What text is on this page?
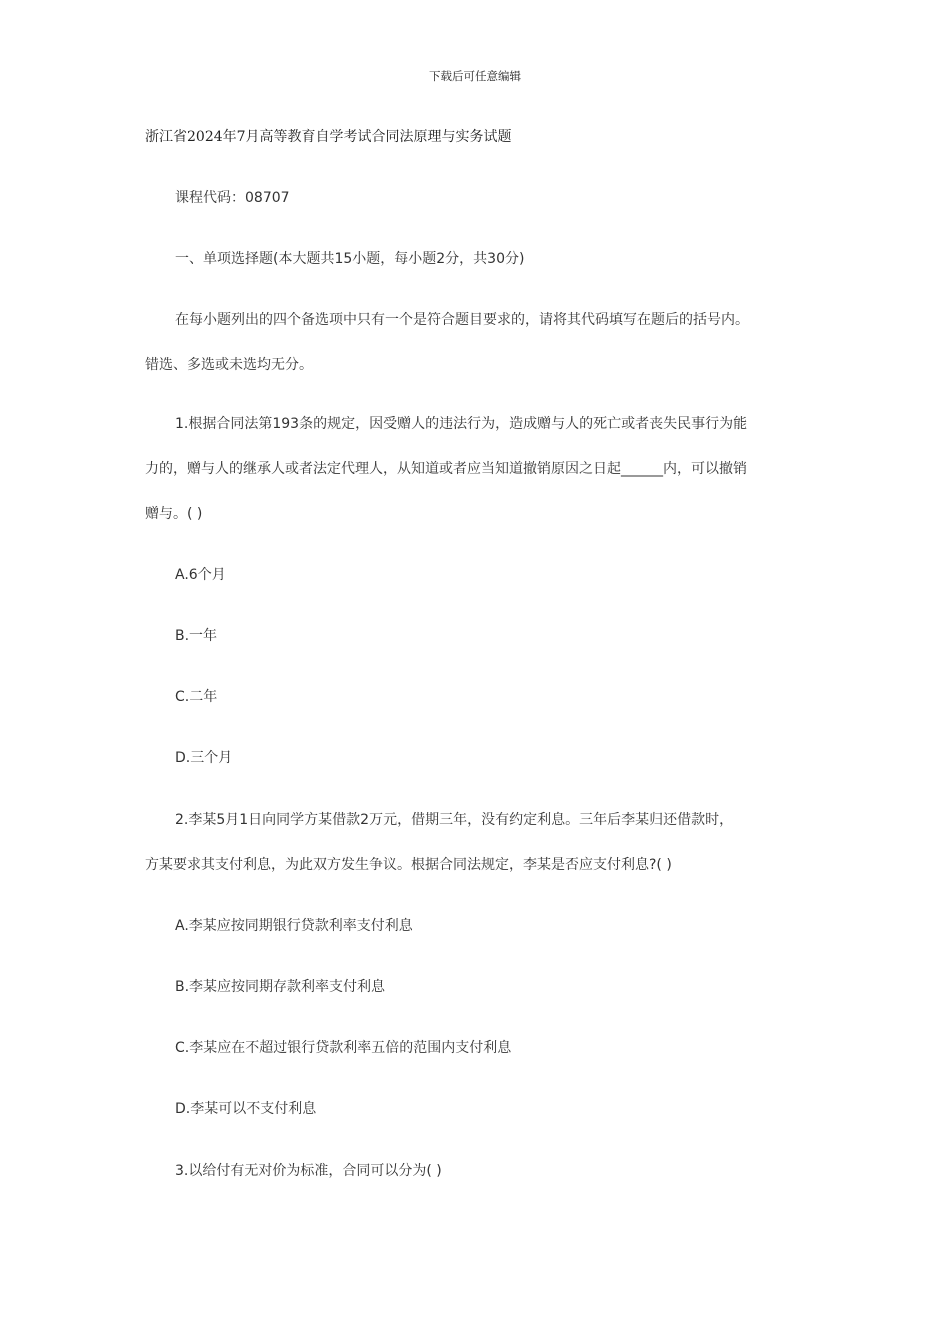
下载后可任意编辑
浙江省2024年7月高等教育自学考试合同法原理与实务试题
课程代码：08707
一、单项选择题(本大题共15小题，每小题2分，共30分)
在每小题列出的四个备选项中只有一个是符合题目要求的，请将其代码填写在题后的括号内。
错选、多选或未选均无分。
1.根据合同法第193条的规定，因受赠人的违法行为，造成赠与人的死亡或者丧失民事行为能
力的，赠与人的继承人或者法定代理人，从知道或者应当知道撤销原因之日起______内，可以撤销
赠与。( )
A.6个月
B.一年
C.二年
D.三个月
2.李某5月1日向同学方某借款2万元，借期三年，没有约定利息。三年后李某归还借款时，
方某要求其支付利息，为此双方发生争议。根据合同法规定，李某是否应支付利息?( )
A.李某应按同期银行贷款利率支付利息
B.李某应按同期存款利率支付利息
C.李某应在不超过银行贷款利率五倍的范围内支付利息
D.李某可以不支付利息
3.以给付有无对价为标准，合同可以分为( )
